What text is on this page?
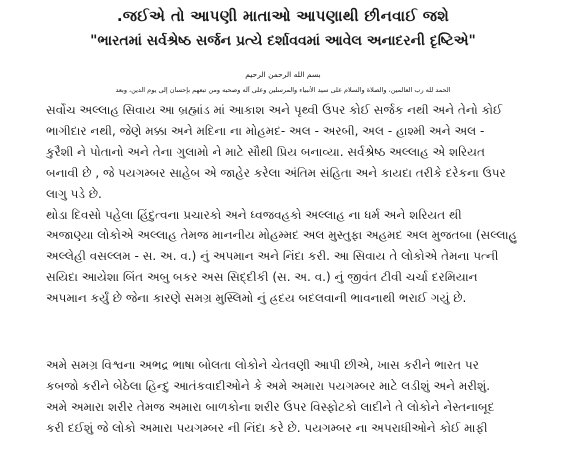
.જઈએ તો આપણી માતાઓ આપણાથી છીનવાઈ જશે
"ભારતમાં સર્વશ્રેષ્ઠ સર્જન પ્રત્યે દર્શાવવમાં આવેલ અનાદરની દૃષ્ટિએ"
بسم الله الرحمن الرحيم
الحمد لله رب العالمين، والصلاة والسلام على سيد الأنبياء والمرسلين وعلى آله وصحبه ومن تبعهم بإحسان إلى يوم الدين، وبعد
સર્વોચ અલ્લાહ સિવાય આ બ્રહ્માંડ માં આકાશ અને પૃથ્વી ઉપર કોઈ સર્જક નથી અને તેનો કોઈ
ભાગીદાર નથી, જેણે મક્કા અને મદિના ના મોહમદ- અલ - અરબી, અલ - હાશ્મી અને અલ -
કુરૈશી ને પોતાનો અને તેના ગુલામો ને માટે સૌથી પ્રિય બનાવ્યા. સર્વશ્રેષ્ઠ અલ્લાહ એ શરિયત
બનાવી છે , જે પયગમ્બર સાહેબ એ જાહેર કરેલા અંતિમ સંહિતા અને કાયદા તરીકે દરેકના ઉપર
લાગુ પડે છે.
થોડા દિવસો પહેલા હિંદુત્વના પ્રચારકો અને ધ્વજવહકો અલ્લાહ ના ધર્મ અને શરિયત થી
અજાણ્યા લોકોએ અલ્લાહ તેમજ માનનીય મોહમ્મદ અલ મુસ્તુફા અહમદ અલ મુજતબા (સલ્લાહુ
અલ્લેહી વસલ્લમ - સ. અ. વ.) નું અપમાન અને નિંદા કરી. આ સિવાય તે લોકોએ તેમના પત્ની
સયિદા આયેશા બિંત અબુ બકર અસ સિદ્દીકી (સ. અ. વ.) નું જીવંત ટીવી ચર્ચા દરમિયાન
અપમાન કર્યું છે જેના કારણે સમગ્ર મુસ્લિમો નું હ્રદય બદલવાની ભાવનાથી ભરાઈ ગયું છે.
અમે સમગ્ર વિશ્વના અભદ્ર ભાષા બોલતા લોકોને ચેતવણી આપી છીએ, ખાસ કરીને ભારત પર
કબજો કરીને બેઠેલા હિન્દુ આતંકવાદીઓને કે અમે અમારા પયગમ્બર માટે લડીશું અને મરીશું.
અમે અમારા શરીર તેમજ અમારા બાળકોના શરીર ઉપર વિસ્ફોટકો લાદીને તે લોકોને નેસ્તનાબૂદ
કરી દઈશું જે લોકો અમારા પયગમ્બર ની નિંદા કરે છે. પયગમ્બર ના અપરાધીઓને કોઈ માફી
